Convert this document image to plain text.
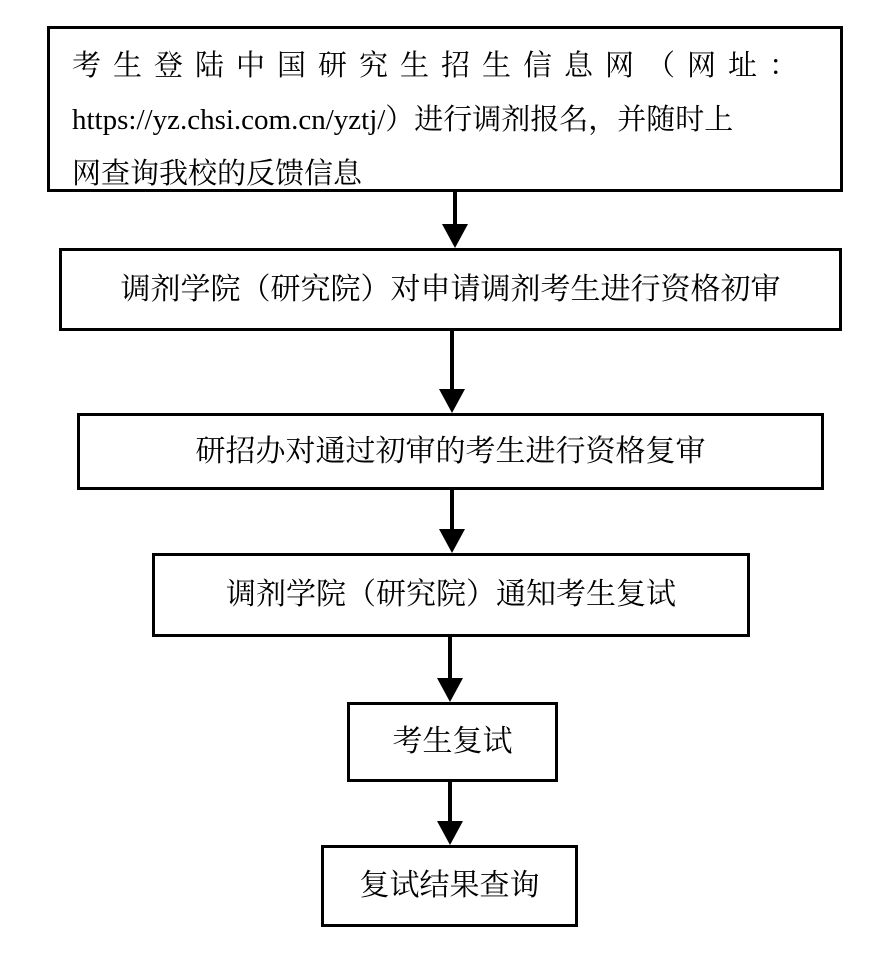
考生登陆中国研究生招生信息网（网址：
https://yz.chsi.com.cn/yztj/）进行调剂报名，并随时上
网查询我校的反馈信息
调剂学院（研究院）对申请调剂考生进行资格初审
研招办对通过初审的考生进行资格复审
调剂学院（研究院）通知考生复试
考生复试
复试结果查询
